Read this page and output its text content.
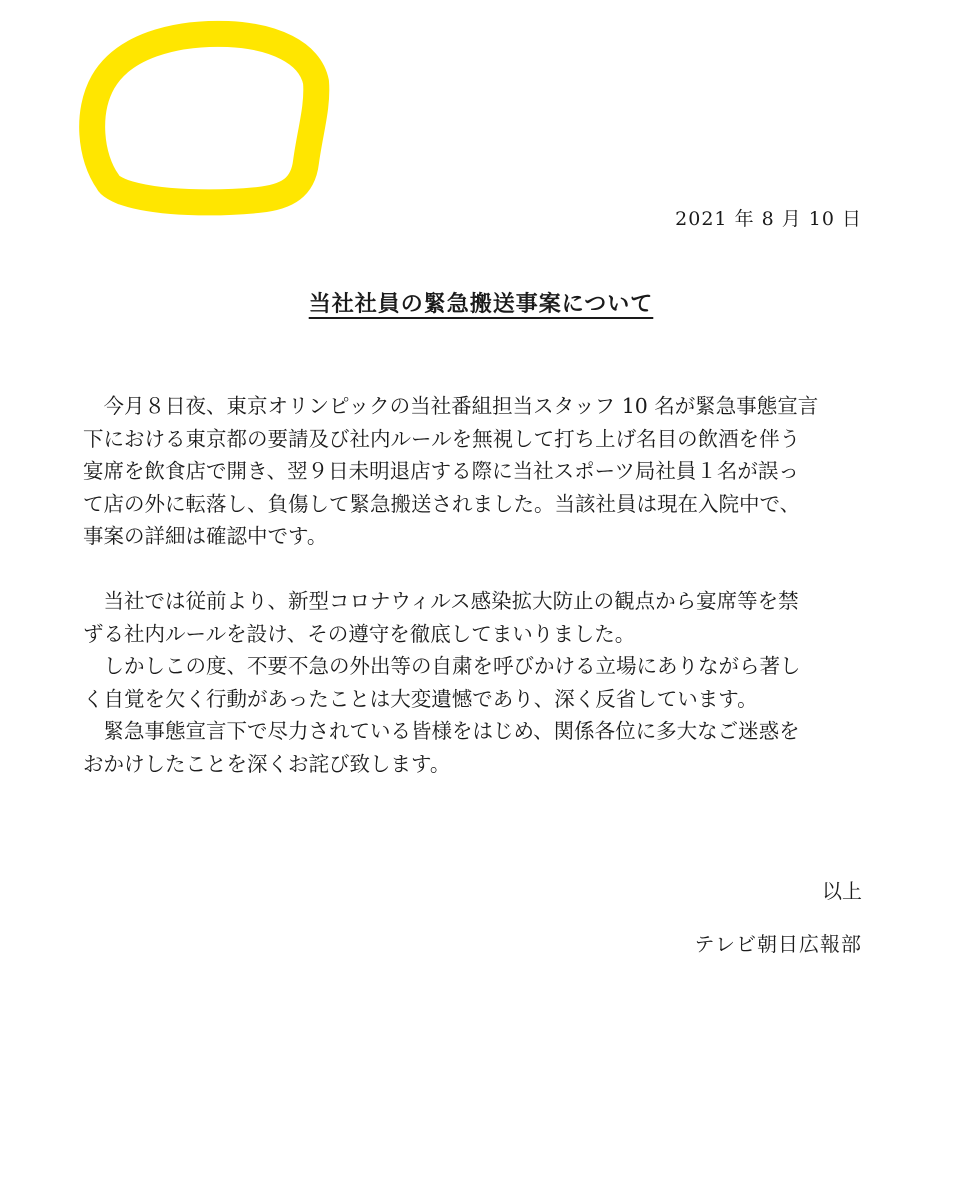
2021 年 8 月 10 日
当社社員の緊急搬送事案について

　今月８日夜、東京オリンピックの当社番組担当スタッフ 10 名が緊急事態宣言

下における東京都の要請及び社内ルールを無視して打ち上げ名目の飲酒を伴う

宴席を飲食店で開き、翌９日未明退店する際に当社スポーツ局社員１名が誤っ

て店の外に転落し、負傷して緊急搬送されました。当該社員は現在入院中で、

事案の詳細は確認中です。

　当社では従前より、新型コロナウィルス感染拡大防止の観点から宴席等を禁

ずる社内ルールを設け、その遵守を徹底してまいりました。

　しかしこの度、不要不急の外出等の自粛を呼びかける立場にありながら著し

く自覚を欠く行動があったことは大変遺憾であり、深く反省しています。

　緊急事態宣言下で尽力されている皆様をはじめ、関係各位に多大なご迷惑を

おかけしたことを深くお詫び致します。

以上
テレビ朝日広報部
